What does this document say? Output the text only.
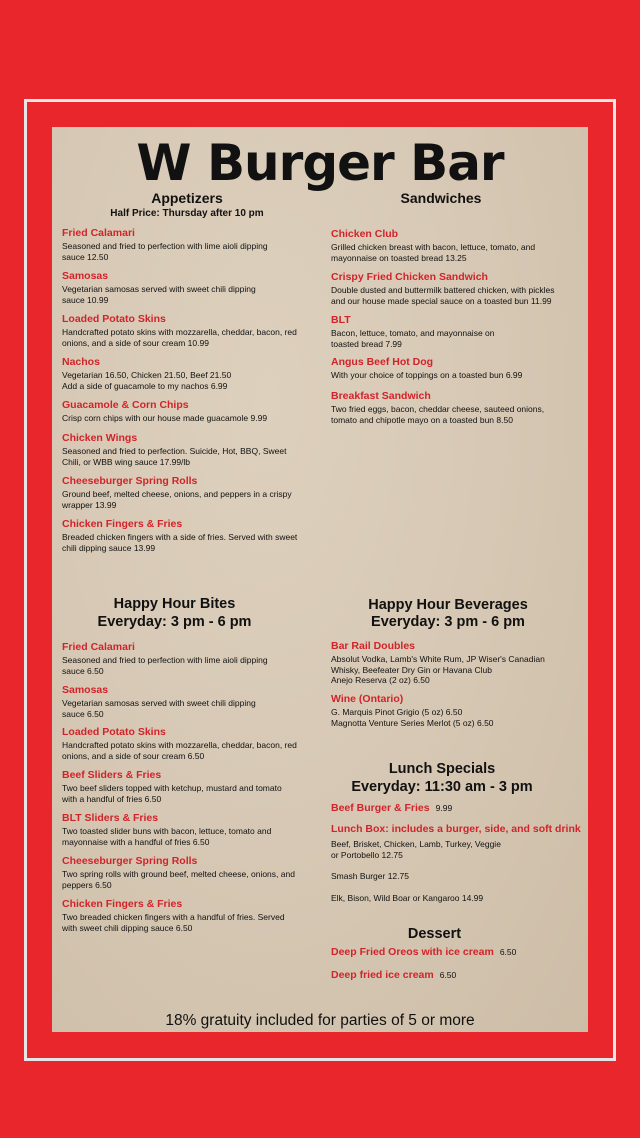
W Burger Bar
Appetizers
Half Price: Thursday after 10 pm
Fried Calamari
Seasoned and fried to perfection with lime aioli dipping
sauce 12.50
Samosas
Vegetarian samosas served with sweet chili dipping
sauce 10.99
Loaded Potato Skins
Handcrafted potato skins with mozzarella, cheddar, bacon, red
onions, and a side of sour cream 10.99
Nachos
Vegetarian 16.50, Chicken 21.50, Beef 21.50
Add a side of guacamole to my nachos 6.99
Guacamole & Corn Chips
Crisp corn chips with our house made guacamole 9.99
Chicken Wings
Seasoned and fried to perfection. Suicide, Hot, BBQ, Sweet
Chili, or WBB wing sauce 17.99/lb
Cheeseburger Spring Rolls
Ground beef, melted cheese, onions, and peppers in a crispy
wrapper 13.99
Chicken Fingers & Fries
Breaded chicken fingers with a side of fries. Served with sweet
chili dipping sauce 13.99
Sandwiches
Chicken Club
Grilled chicken breast with bacon, lettuce, tomato, and
mayonnaise on toasted bread 13.25
Crispy Fried Chicken Sandwich
Double dusted and buttermilk battered chicken, with pickles
and our house made special sauce on a toasted bun 11.99
BLT
Bacon, lettuce, tomato, and mayonnaise on
toasted bread 7.99
Angus Beef Hot Dog
With your choice of toppings on a toasted bun 6.99
Breakfast Sandwich
Two fried eggs, bacon, cheddar cheese, sauteed onions,
tomato and chipotle mayo on a toasted bun 8.50
Happy Hour Bites
Everyday: 3 pm - 6 pm
Fried Calamari
Seasoned and fried to perfection with lime aioli dipping
sauce 6.50
Samosas
Vegetarian samosas served with sweet chili dipping
sauce 6.50
Loaded Potato Skins
Handcrafted potato skins with mozzarella, cheddar, bacon, red
onions, and a side of sour cream 6.50
Beef Sliders & Fries
Two beef sliders topped with ketchup, mustard and tomato
with a handful of fries 6.50
BLT Sliders & Fries
Two toasted slider buns with bacon, lettuce, tomato and
mayonnaise with a handful of fries 6.50
Cheeseburger Spring Rolls
Two spring rolls with ground beef, melted cheese, onions, and
peppers 6.50
Chicken Fingers & Fries
Two breaded chicken fingers with a handful of fries. Served
with sweet chili dipping sauce 6.50
Happy Hour Beverages
Everyday: 3 pm - 6 pm
Bar Rail Doubles
Absolut Vodka, Lamb's White Rum, JP Wiser's Canadian
Whisky, Beefeater Dry Gin or Havana Club
Anejo Reserva (2 oz) 6.50
Wine (Ontario)
G. Marquis Pinot Grigio (5 oz) 6.50
Magnotta Venture Series Merlot (5 oz) 6.50
Lunch Specials
Everyday: 11:30 am - 3 pm
Beef Burger & Fries 9.99
Lunch Box: includes a burger, side, and soft drink
Beef, Brisket, Chicken, Lamb, Turkey, Veggie
or Portobello 12.75
Smash Burger 12.75
Elk, Bison, Wild Boar or Kangaroo 14.99
Dessert
Deep Fried Oreos with ice cream 6.50
Deep fried ice cream 6.50
18% gratuity included for parties of 5 or more
